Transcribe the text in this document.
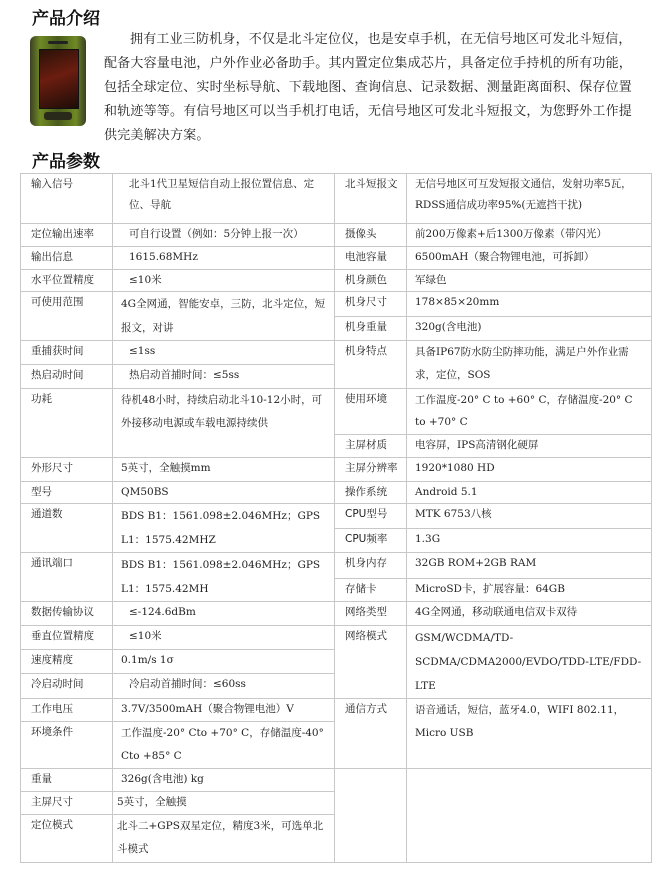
产品介绍

拥有工业三防机身，不仅是北斗定位仪，也是安卓手机，在无信号地区可发北斗短信，配备大容量电池，户外作业必备助手。其内置定位集成芯片，具备定位手持机的所有功能，包括全球定位、实时坐标导航、下载地图、查询信息、记录数据、测量距离面积、保存位置和轨迹等等。有信号地区可以当手机打电话，无信号地区可发北斗短报文，为您野外工作提供完美解决方案。

产品参数
输入信号	北斗1代卫星短信自动上报位置信息、定位、导航	北斗短报文	无信号地区可互发短报文通信，发射功率5瓦，RDSS通信成功率95%(无遮挡干扰)
定位输出速率	可自行设置（例如：5分钟上报一次）	摄像头	前200万像素+后1300万像素（带闪光）
输出信息	1615.68MHz	电池容量	6500mAH（聚合物锂电池，可拆卸）
水平位置精度	≤10米	机身颜色	军绿色
可使用范围	4G全网通，智能安卓，三防，北斗定位，短报文，对讲	机身尺寸	178×85×20mm
		机身重量	320g(含电池)
重捕获时间	≤1ss	机身特点	具备IP67防水防尘防摔功能，满足户外作业需求，定位，SOS
热启动时间	热启动首捕时间：≤5ss		
功耗	待机48小时，持续启动北斗10-12小时，可外接移动电源或车载电源持续供	使用环境	工作温度-20° C to +60° C，存储温度-20° C to +70° C
		主屏材质	电容屏，IPS高清钢化硬屏
外形尺寸	5英寸，全触摸mm	主屏分辨率	1920*1080 HD
型号	QM50BS	操作系统	Android 5.1
通道数	BDS B1：1561.098±2.046MHz；GPS L1：1575.42MHZ	CPU型号	MTK 6753八核
		CPU频率	1.3G
通讯端口	BDS B1：1561.098±2.046MHz；GPS L1：1575.42MH	机身内存	32GB ROM+2GB RAM
		存储卡	MicroSD卡，扩展容量：64GB
数据传输协议	≤-124.6dBm	网络类型	4G全网通，移动联通电信双卡双待
垂直位置精度	≤10米	网络模式	GSM/WCDMA/TD-SCDMA/CDMA2000/EVDO/TDD-LTE/FDD-LTE
速度精度	0.1m/s 1σ		
冷启动时间	冷启动首捕时间：≤60ss		
工作电压	3.7V/3500mAH（聚合物锂电池）V	通信方式	语音通话，短信，蓝牙4.0，WIFI 802.11，Micro USB
环境条件	工作温度-20° Cto +70° C，存储温度-40° Cto +85° C		
重量	326g(含电池) kg		
主屏尺寸	5英寸，全触摸		
定位模式	北斗二+GPS双星定位，精度3米，可选单北斗模式		
